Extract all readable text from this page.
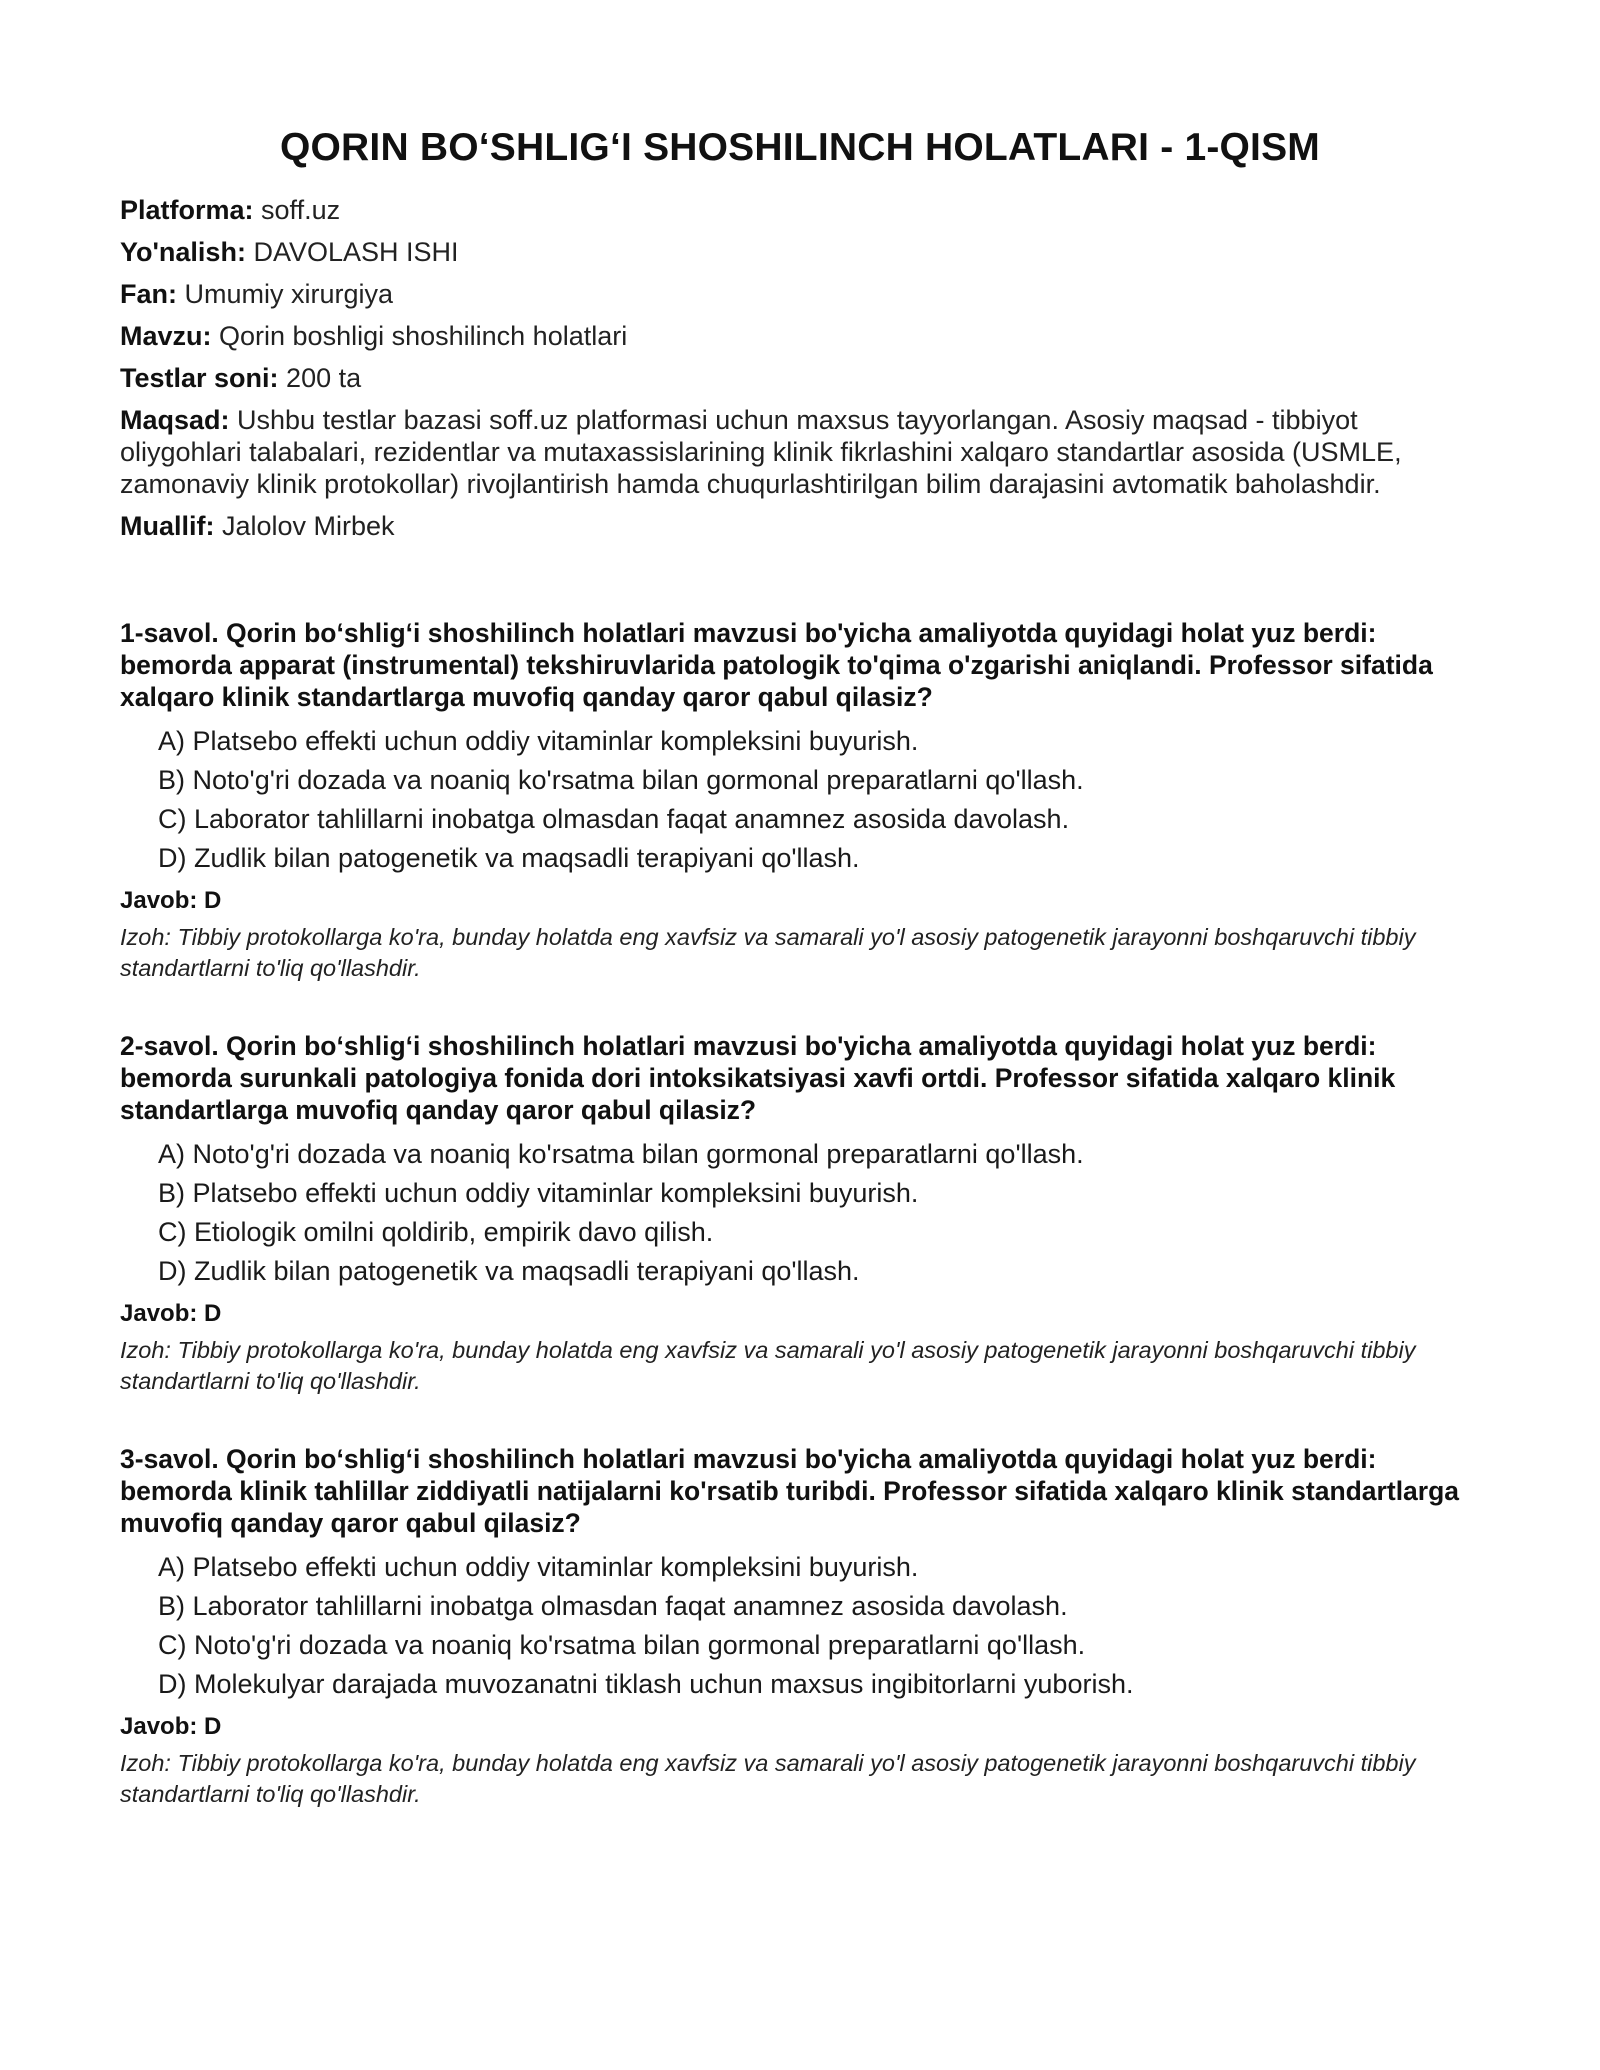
QORIN BO‘SHLIG‘I SHOSHILINCH HOLATLARI - 1-QISM
Platforma: soff.uz
Yo'nalish: DAVOLASH ISHI
Fan: Umumiy xirurgiya
Mavzu: Qorin boshligi shoshilinch holatlari
Testlar soni: 200 ta
Maqsad: Ushbu testlar bazasi soff.uz platformasi uchun maxsus tayyorlangan. Asosiy maqsad - tibbiyot oliygohlari talabalari, rezidentlar va mutaxassislarining klinik fikrlashini xalqaro standartlar asosida (USMLE, zamonaviy klinik protokollar) rivojlantirish hamda chuqurlashtirilgan bilim darajasini avtomatik baholashdir.
Muallif: Jalolov Mirbek
1-savol. Qorin bo‘shlig‘i shoshilinch holatlari mavzusi bo'yicha amaliyotda quyidagi holat yuz berdi: bemorda apparat (instrumental) tekshiruvlarida patologik to'qima o'zgarishi aniqlandi. Professor sifatida xalqaro klinik standartlarga muvofiq qanday qaror qabul qilasiz?
A) Platsebo effekti uchun oddiy vitaminlar kompleksini buyurish.
B) Noto'g'ri dozada va noaniq ko'rsatma bilan gormonal preparatlarni qo'llash.
C) Laborator tahlillarni inobatga olmasdan faqat anamnez asosida davolash.
D) Zudlik bilan patogenetik va maqsadli terapiyani qo'llash.
Javob: D
Izoh: Tibbiy protokollarga ko'ra, bunday holatda eng xavfsiz va samarali yo'l asosiy patogenetik jarayonni boshqaruvchi tibbiy standartlarni to'liq qo'llashdir.
2-savol. Qorin bo‘shlig‘i shoshilinch holatlari mavzusi bo'yicha amaliyotda quyidagi holat yuz berdi: bemorda surunkali patologiya fonida dori intoksikatsiyasi xavfi ortdi. Professor sifatida xalqaro klinik standartlarga muvofiq qanday qaror qabul qilasiz?
A) Noto'g'ri dozada va noaniq ko'rsatma bilan gormonal preparatlarni qo'llash.
B) Platsebo effekti uchun oddiy vitaminlar kompleksini buyurish.
C) Etiologik omilni qoldirib, empirik davo qilish.
D) Zudlik bilan patogenetik va maqsadli terapiyani qo'llash.
Javob: D
Izoh: Tibbiy protokollarga ko'ra, bunday holatda eng xavfsiz va samarali yo'l asosiy patogenetik jarayonni boshqaruvchi tibbiy standartlarni to'liq qo'llashdir.
3-savol. Qorin bo‘shlig‘i shoshilinch holatlari mavzusi bo'yicha amaliyotda quyidagi holat yuz berdi: bemorda klinik tahlillar ziddiyatli natijalarni ko'rsatib turibdi. Professor sifatida xalqaro klinik standartlarga muvofiq qanday qaror qabul qilasiz?
A) Platsebo effekti uchun oddiy vitaminlar kompleksini buyurish.
B) Laborator tahlillarni inobatga olmasdan faqat anamnez asosida davolash.
C) Noto'g'ri dozada va noaniq ko'rsatma bilan gormonal preparatlarni qo'llash.
D) Molekulyar darajada muvozanatni tiklash uchun maxsus ingibitorlarni yuborish.
Javob: D
Izoh: Tibbiy protokollarga ko'ra, bunday holatda eng xavfsiz va samarali yo'l asosiy patogenetik jarayonni boshqaruvchi tibbiy standartlarni to'liq qo'llashdir.
